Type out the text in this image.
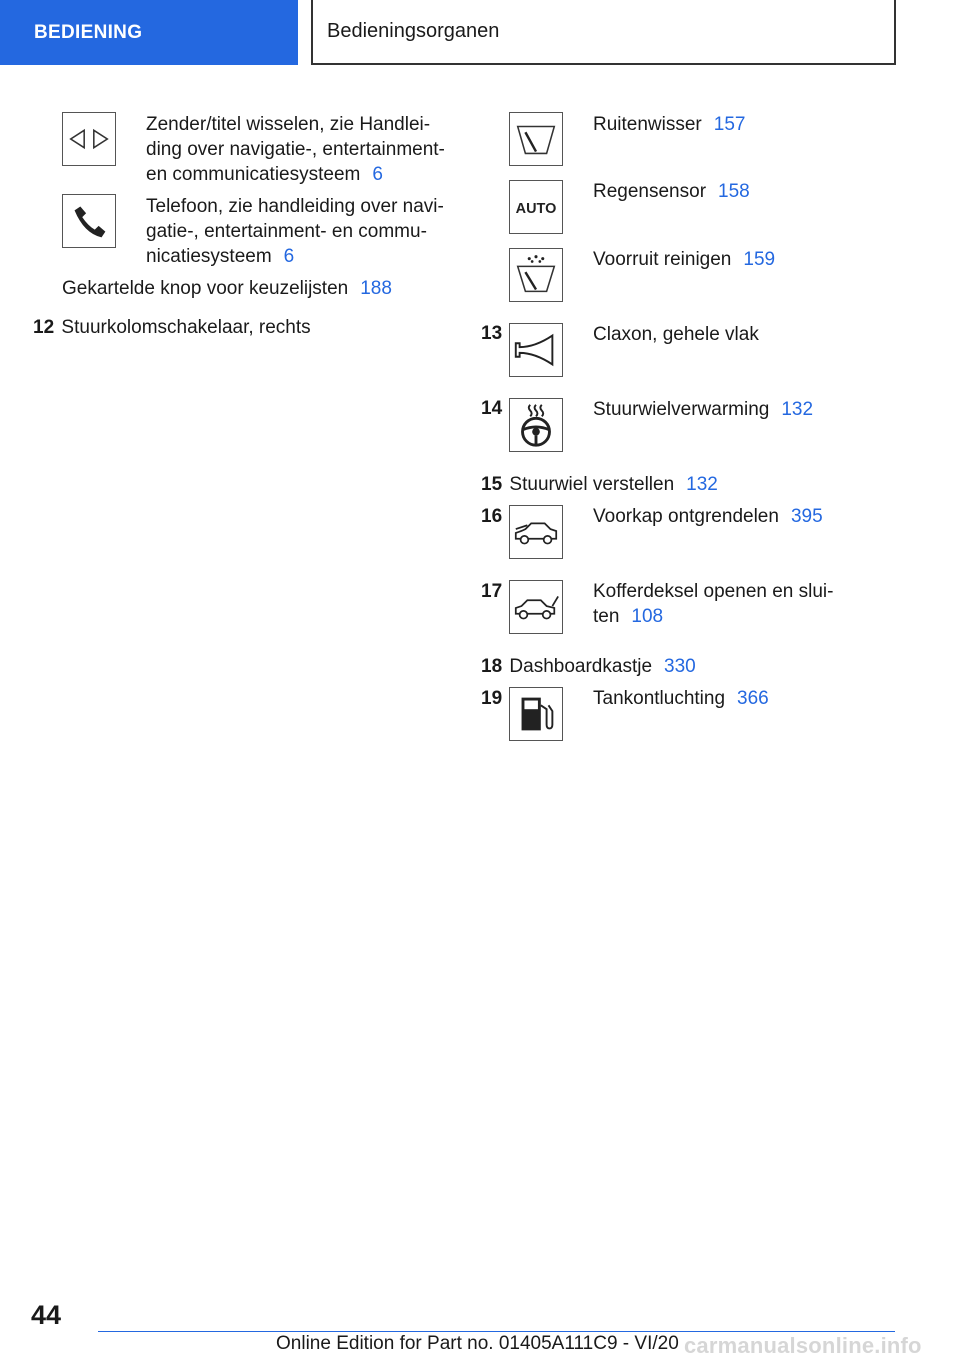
BEDIENING	Bedieningsorganen
Zender/titel wisselen, zie Handlei-
ding over navigatie-, entertainment-
en communicatiesysteem 6
Telefoon, zie handleiding over navi-
gatie-, entertainment- en commu-
nicatiesysteem 6
Gekartelde knop voor keuzelijsten 188
12 Stuurkolomschakelaar, rechts
Ruitenwisser 157
AUTO
Regensensor 158
Voorruit reinigen 159
13	Claxon, gehele vlak
14	Stuurwielverwarming 132
15 Stuurwiel verstellen 132
16	Voorkap ontgrendelen 395
17	Kofferdeksel openen en slui-
ten 108
18 Dashboardkastje 330
19	Tankontluchting 366
44
Online Edition for Part no. 01405A111C9 - VI/20 carmanualsonline.info
